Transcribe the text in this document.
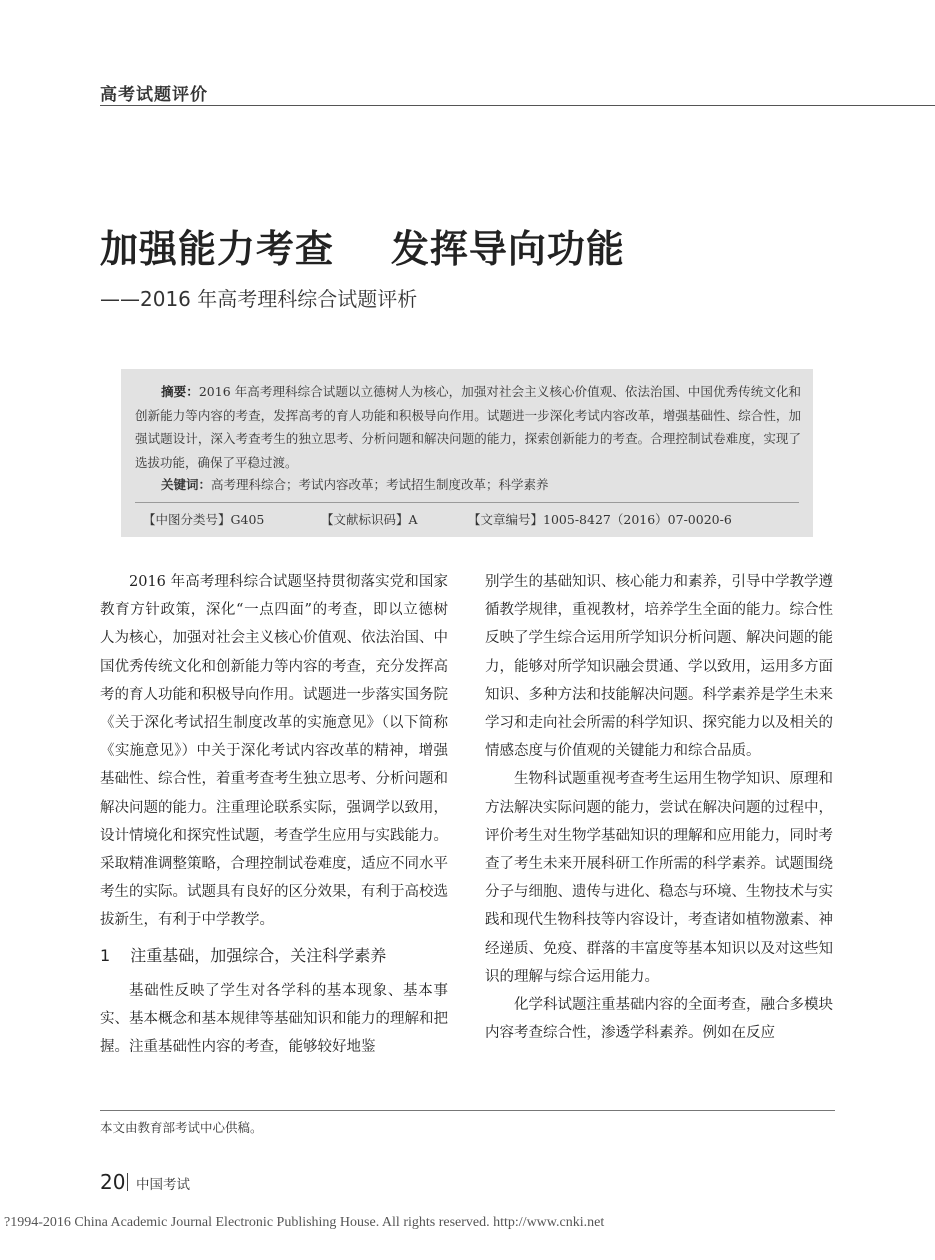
高考试题评价
加强能力考查    发挥导向功能
——2016 年高考理科综合试题评析
摘要：2016 年高考理科综合试题以立德树人为核心，加强对社会主义核心价值观、依法治国、中国优秀传统文化和创新能力等内容的考查，发挥高考的育人功能和积极导向作用。试题进一步深化考试内容改革，增强基础性、综合性，加强试题设计，深入考查考生的独立思考、分析问题和解决问题的能力，探索创新能力的考查。合理控制试卷难度，实现了选拔功能，确保了平稳过渡。
关键词：高考理科综合；考试内容改革；考试招生制度改革；科学素养
【中图分类号】G405	【文献标识码】A	【文章编号】1005-8427（2016）07-0020-6

2016 年高考理科综合试题坚持贯彻落实党和国家教育方针政策，深化“一点四面”的考查，即以立德树人为核心，加强对社会主义核心价值观、依法治国、中国优秀传统文化和创新能力等内容的考查，充分发挥高考的育人功能和积极导向作用。试题进一步落实国务院《关于深化考试招生制度改革的实施意见》（以下简称《实施意见》）中关于深化考试内容改革的精神，增强基础性、综合性，着重考查考生独立思考、分析问题和解决问题的能力。注重理论联系实际，强调学以致用，设计情境化和探究性试题，考查学生应用与实践能力。采取精准调整策略，合理控制试卷难度，适应不同水平考生的实际。试题具有良好的区分效果，有利于高校选拔新生，有利于中学教学。

1 注重基础，加强综合，关注科学素养

基础性反映了学生对各学科的基本现象、基本事实、基本概念和基本规律等基础知识和能力的理解和把握。注重基础性内容的考查，能够较好地鉴

别学生的基础知识、核心能力和素养，引导中学教学遵循教学规律，重视教材，培养学生全面的能力。综合性反映了学生综合运用所学知识分析问题、解决问题的能力，能够对所学知识融会贯通、学以致用，运用多方面知识、多种方法和技能解决问题。科学素养是学生未来学习和走向社会所需的科学知识、探究能力以及相关的情感态度与价值观的关键能力和综合品质。

生物科试题重视考查考生运用生物学知识、原理和方法解决实际问题的能力，尝试在解决问题的过程中，评价考生对生物学基础知识的理解和应用能力，同时考查了考生未来开展科研工作所需的科学素养。试题围绕分子与细胞、遗传与进化、稳态与环境、生物技术与实践和现代生物科技等内容设计，考查诸如植物激素、神经递质、免疫、群落的丰富度等基本知识以及对这些知识的理解与综合运用能力。

化学科试题注重基础内容的全面考查，融合多模块内容考查综合性，渗透学科素养。例如在反应

本文由教育部考试中心供稿。
20 中国考试
?1994-2016 China Academic Journal Electronic Publishing House. All rights reserved. http://www.cnki.net
